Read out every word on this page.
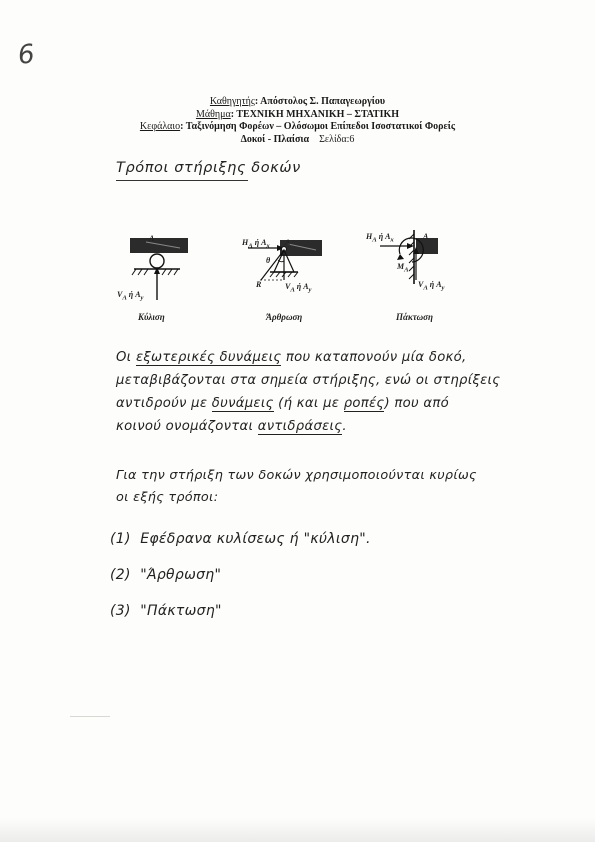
6
Καθηγητής: Απόστολος Σ. Παπαγεωργίου
Μάθημα: ΤΕΧΝΙΚΗ ΜΗΧΑΝΙΚΗ – ΣΤΑΤΙΚΗ
Κεφάλαιο: Ταξινόμηση Φορέων – Ολόσωμοι Επίπεδοι Ισοστατικοί Φορείς
Δοκοί - Πλαίσια Σελίδα:6
Τρόποι στήριξης δοκών
A
$V_A$ ή $A_y$
Κύλιση
$H_A$ ή $A_x$ A
θ
R	$V_A$ ή $A_y$
Άρθρωση
$H_A$ ή $A_x$	A
$M_A$
$V_A$ ή $A_y$
Πάκτωση
Οι εξωτερικές δυνάμεις που καταπονούν μία δοκό,
μεταβιβάζονται στα σημεία στήριξης, ενώ οι στηρίξεις
αντιδρούν με δυνάμεις (ή και με ροπές) που από
κοινού ονομάζονται αντιδράσεις.
Για την στήριξη των δοκών χρησιμοποιούνται κυρίως
οι εξής τρόποι:
(1) Εφέδρανα κυλίσεως ή "κύλιση".
(2) "Άρθρωση"
(3) "Πάκτωση"
